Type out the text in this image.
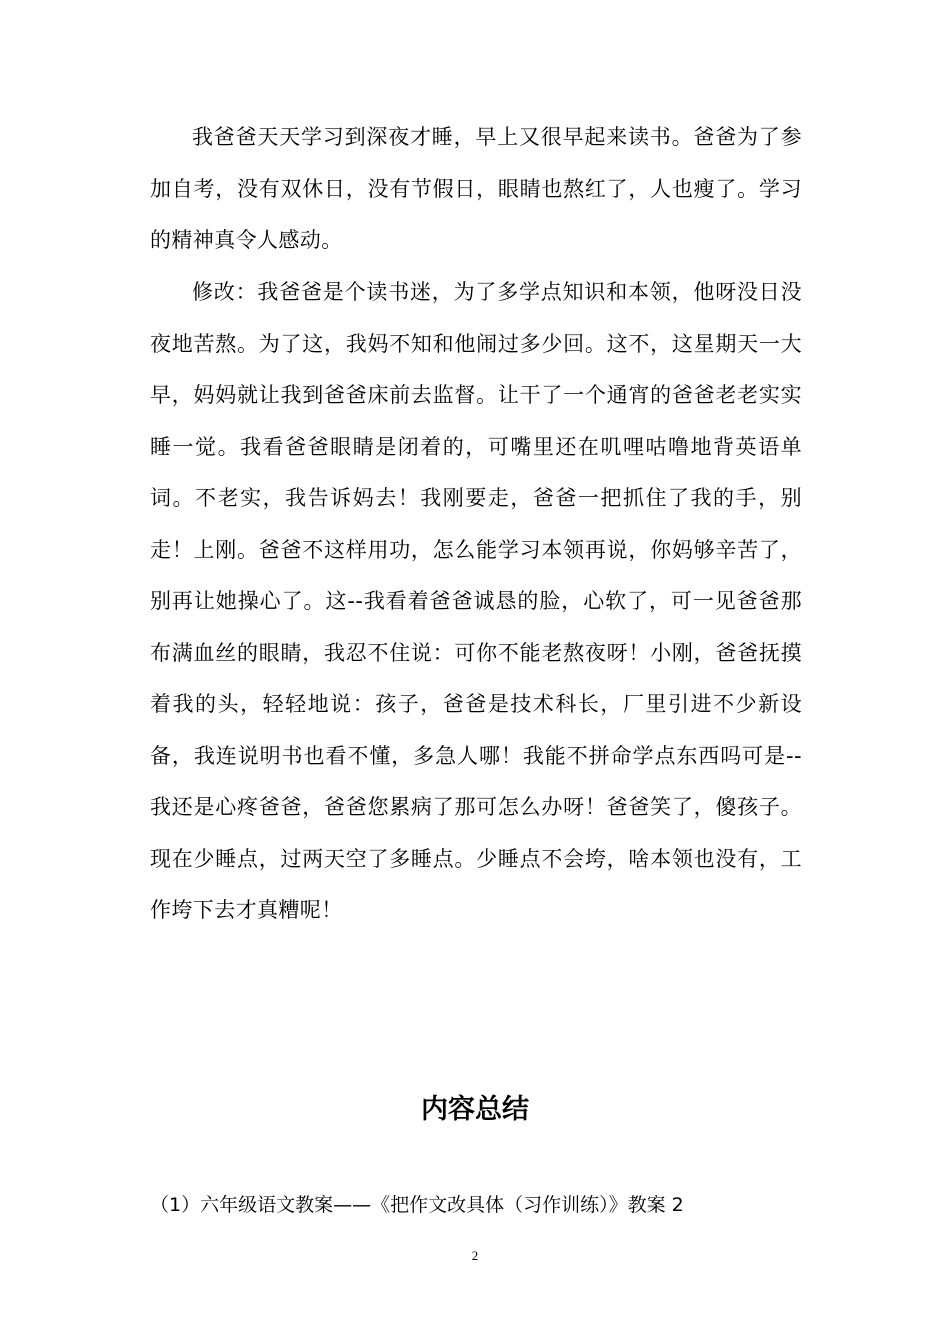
我爸爸天天学习到深夜才睡，早上又很早起来读书。爸爸为了参加自考，没有双休日，没有节假日，眼睛也熬红了，人也瘦了。学习的精神真令人感动。

修改：我爸爸是个读书迷，为了多学点知识和本领，他呀没日没夜地苦熬。为了这，我妈不知和他闹过多少回。这不，这星期天一大早，妈妈就让我到爸爸床前去监督。让干了一个通宵的爸爸老老实实睡一觉。我看爸爸眼睛是闭着的，可嘴里还在叽哩咕噜地背英语单词。不老实，我告诉妈去！我刚要走，爸爸一把抓住了我的手，别走！上刚。爸爸不这样用功，怎么能学习本领再说，你妈够辛苦了，别再让她操心了。这--我看着爸爸诚恳的脸，心软了，可一见爸爸那布满血丝的眼睛，我忍不住说：可你不能老熬夜呀！小刚，爸爸抚摸着我的头，轻轻地说：孩子，爸爸是技术科长，厂里引进不少新设备，我连说明书也看不懂，多急人哪！我能不拼命学点东西吗可是--我还是心疼爸爸，爸爸您累病了那可怎么办呀！爸爸笑了，傻孩子。现在少睡点，过两天空了多睡点。少睡点不会垮，啥本领也没有，工作垮下去才真糟呢！

内容总结

（1）六年级语文教案——《把作文改具体（习作训练）》教案 2

2
